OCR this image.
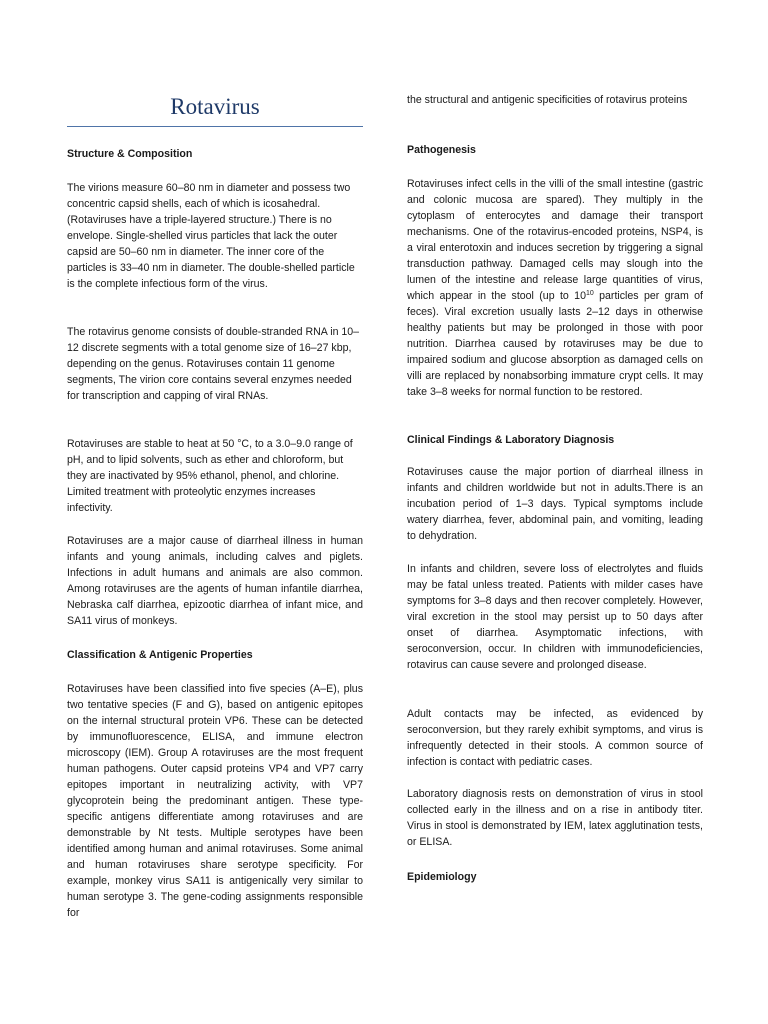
Rotavirus
Structure & Composition

The virions measure 60–80 nm in diameter and possess two concentric capsid shells, each of which is icosahedral. (Rotaviruses have a triple-layered structure.) There is no envelope. Single-shelled virus particles that lack the outer capsid are 50–60 nm in diameter. The inner core of the particles is 33–40 nm in diameter. The double-shelled particle is the complete infectious form of the virus.

The rotavirus genome consists of double-stranded RNA in 10–12 discrete segments with a total genome size of 16–27 kbp, depending on the genus. Rotaviruses contain 11 genome segments, The virion core contains several enzymes needed for transcription and capping of viral RNAs.

Rotaviruses are stable to heat at 50 °C, to a 3.0–9.0 range of pH, and to lipid solvents, such as ether and chloroform, but they are inactivated by 95% ethanol, phenol, and chlorine. Limited treatment with proteolytic enzymes increases infectivity.

Rotaviruses are a major cause of diarrheal illness in human infants and young animals, including calves and piglets. Infections in adult humans and animals are also common. Among rotaviruses are the agents of human infantile diarrhea, Nebraska calf diarrhea, epizootic diarrhea of infant mice, and SA11 virus of monkeys.

Classification & Antigenic Properties

Rotaviruses have been classified into five species (A–E), plus two tentative species (F and G), based on antigenic epitopes on the internal structural protein VP6. These can be detected by immunofluorescence, ELISA, and immune electron microscopy (IEM). Group A rotaviruses are the most frequent human pathogens. Outer capsid proteins VP4 and VP7 carry epitopes important in neutralizing activity, with VP7 glycoprotein being the predominant antigen. These type-specific antigens differentiate among rotaviruses and are demonstrable by Nt tests. Multiple serotypes have been identified among human and animal rotaviruses. Some animal and human rotaviruses share serotype specificity. For example, monkey virus SA11 is antigenically very similar to human serotype 3. The gene-coding assignments responsible for

the structural and antigenic specificities of rotavirus proteins

Pathogenesis

Rotaviruses infect cells in the villi of the small intestine (gastric and colonic mucosa are spared). They multiply in the cytoplasm of enterocytes and damage their transport mechanisms. One of the rotavirus-encoded proteins, NSP4, is a viral enterotoxin and induces secretion by triggering a signal transduction pathway. Damaged cells may slough into the lumen of the intestine and release large quantities of virus, which appear in the stool (up to $10^{10}$ particles per gram of feces). Viral excretion usually lasts 2–12 days in otherwise healthy patients but may be prolonged in those with poor nutrition. Diarrhea caused by rotaviruses may be due to impaired sodium and glucose absorption as damaged cells on villi are replaced by nonabsorbing immature crypt cells. It may take 3–8 weeks for normal function to be restored.

Clinical Findings & Laboratory Diagnosis

Rotaviruses cause the major portion of diarrheal illness in infants and children worldwide but not in adults.There is an incubation period of 1–3 days. Typical symptoms include watery diarrhea, fever, abdominal pain, and vomiting, leading to dehydration.

In infants and children, severe loss of electrolytes and fluids may be fatal unless treated. Patients with milder cases have symptoms for 3–8 days and then recover completely. However, viral excretion in the stool may persist up to 50 days after onset of diarrhea. Asymptomatic infections, with seroconversion, occur. In children with immunodeficiencies, rotavirus can cause severe and prolonged disease.

Adult contacts may be infected, as evidenced by seroconversion, but they rarely exhibit symptoms, and virus is infrequently detected in their stools. A common source of infection is contact with pediatric cases.

Laboratory diagnosis rests on demonstration of virus in stool collected early in the illness and on a rise in antibody titer. Virus in stool is demonstrated by IEM, latex agglutination tests, or ELISA.

Epidemiology
